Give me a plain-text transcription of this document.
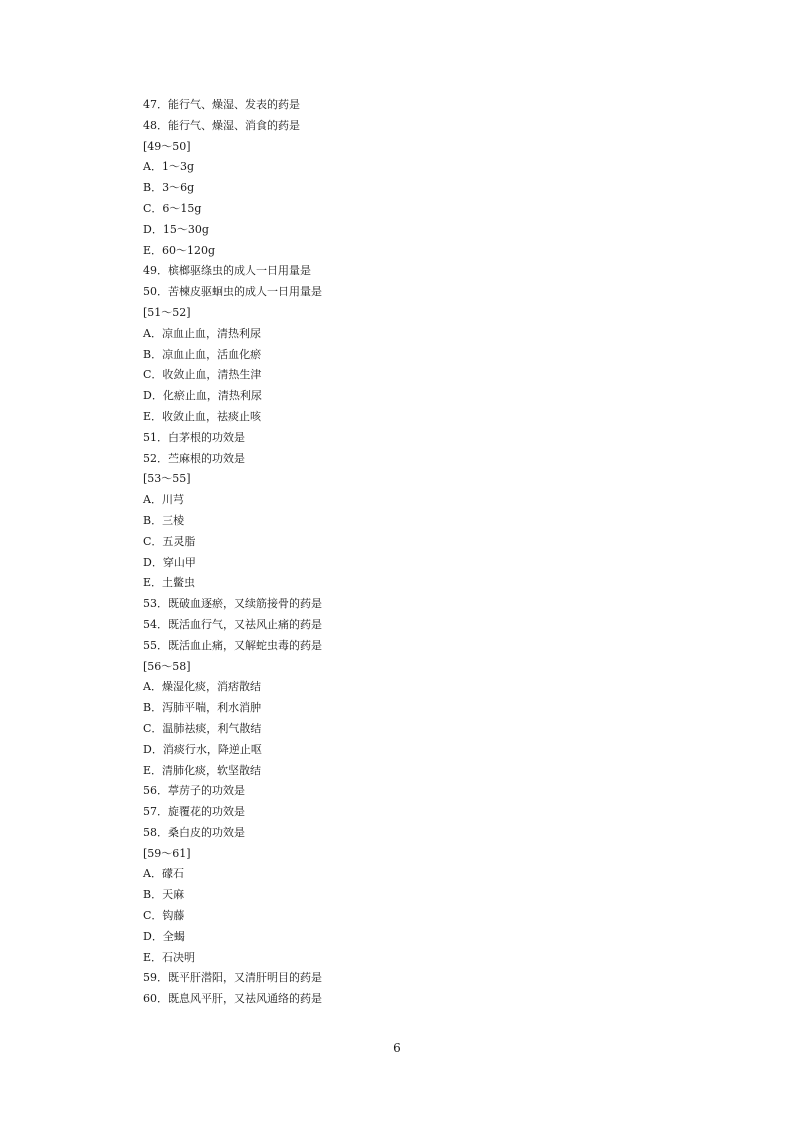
47．能行气、燥湿、发表的药是
48．能行气、燥湿、消食的药是
[49～50]
A．1～3g
B．3～6g
C．6～15g
D．15～30g
E．60～120g
49．槟榔驱绦虫的成人一日用量是
50．苦楝皮驱蛔虫的成人一日用量是
[51～52]
A．凉血止血，清热利尿
B．凉血止血，活血化瘀
C．收敛止血，清热生津
D．化瘀止血，清热利尿
E．收敛止血，祛痰止咳
51．白茅根的功效是
52．苎麻根的功效是
[53～55]
A．川芎
B．三棱
C．五灵脂
D．穿山甲
E．土鳖虫
53．既破血逐瘀，又续筋接骨的药是
54．既活血行气，又祛风止痛的药是
55．既活血止痛，又解蛇虫毒的药是
[56～58]
A．燥湿化痰，消痞散结
B．泻肺平喘，利水消肿
C．温肺祛痰，利气散结
D．消痰行水，降逆止呕
E．清肺化痰，软坚散结
56．葶苈子的功效是
57．旋覆花的功效是
58．桑白皮的功效是
[59～61]
A．礞石
B．天麻
C．钩藤
D．全蝎
E．石决明
59．既平肝潜阳，又清肝明目的药是
60．既息风平肝，又祛风通络的药是
6
